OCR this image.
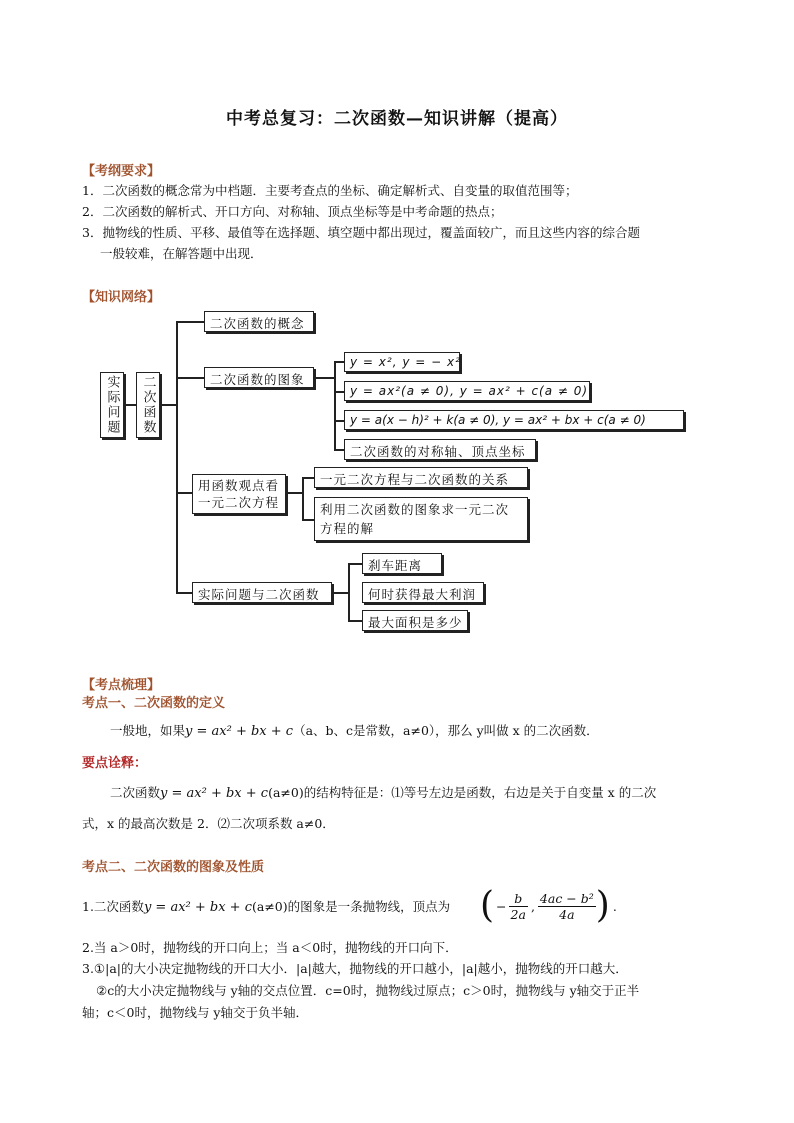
中考总复习：二次函数—知识讲解（提高）
【考纲要求】
1．二次函数的概念常为中档题．主要考查点的坐标、确定解析式、自变量的取值范围等；
2．二次函数的解析式、开口方向、对称轴、顶点坐标等是中考命题的热点；
3．抛物线的性质、平移、最值等在选择题、填空题中都出现过，覆盖面较广，而且这些内容的综合题
一般较难，在解答题中出现．
【知识网络】
实际问题	二次函数
二次函数的概念
二次函数的图象
y = x², y = − x²
y = ax²(a ≠ 0), y = ax² + c(a ≠ 0)
y = a(x − h)² + k(a ≠ 0), y = ax² + bx + c(a ≠ 0)
二次函数的对称轴、顶点坐标
用函数观点看
一元二次方程
一元二次方程与二次函数的关系
利用二次函数的图象求一元二次
方程的解
实际问题与二次函数
刹车距离
何时获得最大利润
最大面积是多少
【考点梳理】
考点一、二次函数的定义
一般地，如果y = ax² + bx + c（a、b、c是常数，a≠0），那么 y叫做 x 的二次函数．
要点诠释：
二次函数y = ax² + bx + c(a≠0)的结构特征是：⑴等号左边是函数，右边是关于自变量 x 的二次
式，x 的最高次数是 2．⑵二次项系数 a≠0．
考点二、二次函数的图象及性质
1.二次函数y = ax² + bx + c(a≠0)的图象是一条抛物线，顶点为 ( − $\frac{b}{2a}$ , $\frac{\text{4ac − b²}}{4a}$ ) .
2.当 a＞0时，抛物线的开口向上；当 a＜0时，抛物线的开口向下．
3.①|a|的大小决定抛物线的开口大小．|a|越大，抛物线的开口越小，|a|越小，抛物线的开口越大．
②c的大小决定抛物线与 y轴的交点位置．c=0时，抛物线过原点；c＞0时，抛物线与 y轴交于正半
轴；c＜0时，抛物线与 y轴交于负半轴．
